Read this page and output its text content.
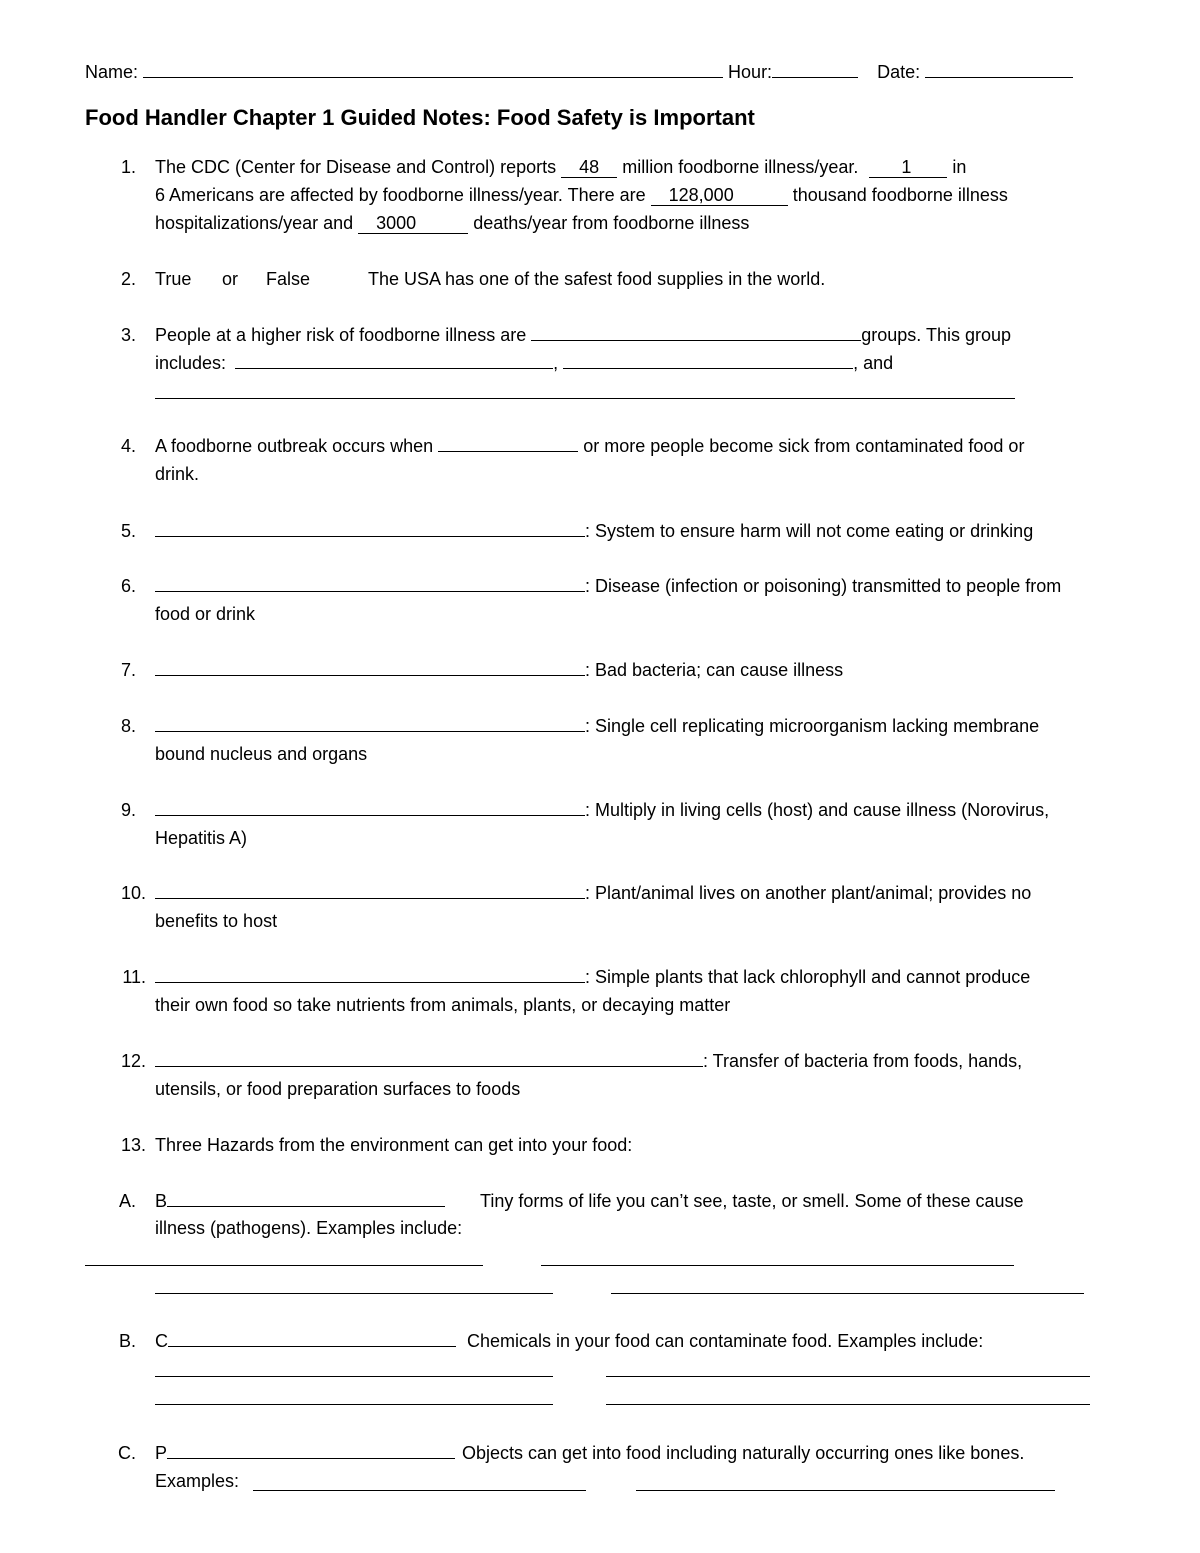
Name:	Hour:	Date:
Food Handler Chapter 1 Guided Notes: Food Safety is Important
1. The CDC (Center for Disease and Control) reports 48 million foodborne illness/year. 1 in
6 Americans are affected by foodborne illness/year. There are 128,000	thousand foodborne illness
hospitalizations/year and 3000	deaths/year from foodborne illness
2. True or False	The USA has one of the safest food supplies in the world.
3. People at a higher risk of foodborne illness are	groups. This group
includes:	,	, and
4. A foodborne outbreak occurs when	or more people become sick from contaminated food or
drink.
5.	: System to ensure harm will not come eating or drinking
6.	: Disease (infection or poisoning) transmitted to people from
food or drink
7.	: Bad bacteria; can cause illness
8.	: Single cell replicating microorganism lacking membrane
bound nucleus and organs
9.	: Multiply in living cells (host) and cause illness (Norovirus,
Hepatitis A)
10.	: Plant/animal lives on another plant/animal; provides no
benefits to host
11.	: Simple plants that lack chlorophyll and cannot produce
their own food so take nutrients from animals, plants, or decaying matter
12.	: Transfer of bacteria from foods, hands,
utensils, or food preparation surfaces to foods
13. Three Hazards from the environment can get into your food:
A. B	Tiny forms of life you can’t see, taste, or smell. Some of these cause
illness (pathogens). Examples include:
B. C	Chemicals in your food can contaminate food. Examples include:
C. P	Objects can get into food including naturally occurring ones like bones.
Examples:
